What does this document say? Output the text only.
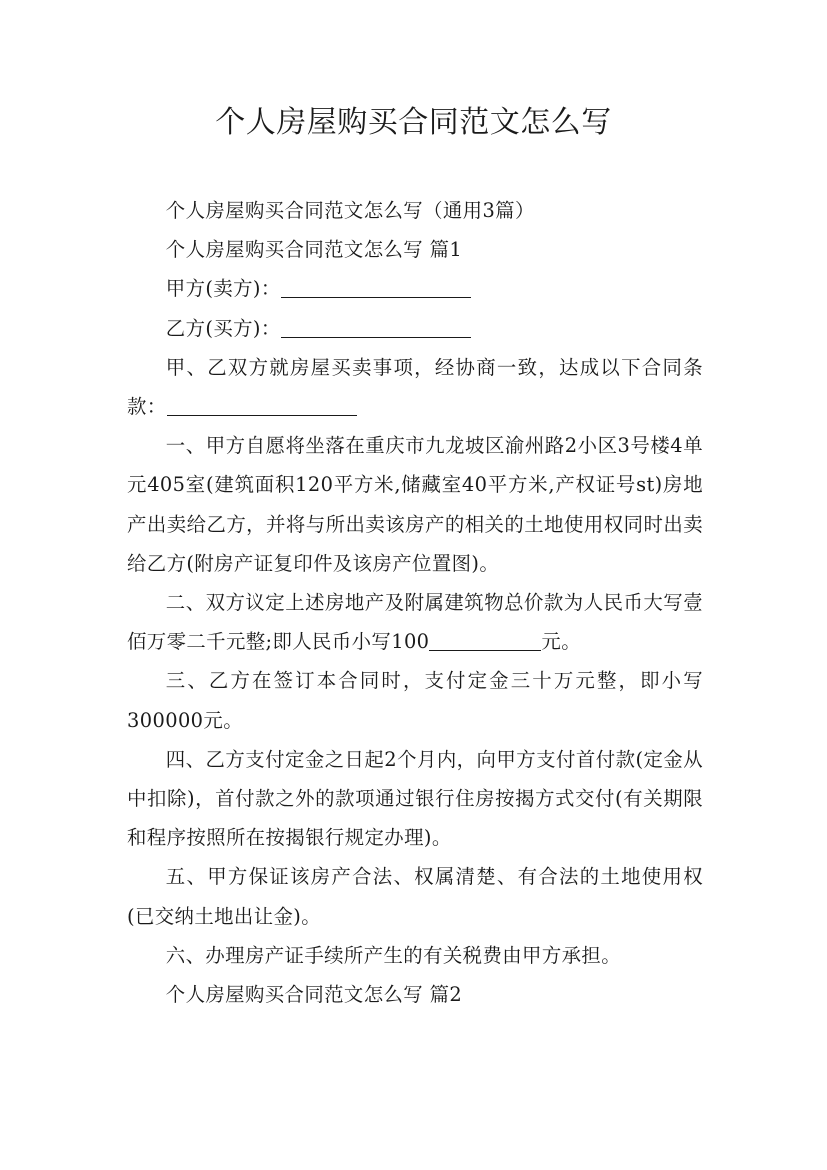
个人房屋购买合同范文怎么写

个人房屋购买合同范文怎么写（通用3篇）

个人房屋购买合同范文怎么写 篇1

甲方(卖方)：

乙方(买方)：

甲、乙双方就房屋买卖事项，经协商一致，达成以下合同条款：

一、甲方自愿将坐落在重庆市九龙坡区渝州路2小区3号楼4单元405室(建筑面积120平方米,储藏室40平方米,产权证号st)房地产出卖给乙方，并将与所出卖该房产的相关的土地使用权同时出卖给乙方(附房产证复印件及该房产位置图)。

二、双方议定上述房地产及附属建筑物总价款为人民币大写壹佰万零二千元整;即人民币小写100	元。

三、乙方在签订本合同时，支付定金三十万元整，即小写300000元。

四、乙方支付定金之日起2个月内，向甲方支付首付款(定金从中扣除)，首付款之外的款项通过银行住房按揭方式交付(有关期限和程序按照所在按揭银行规定办理)。

五、甲方保证该房产合法、权属清楚、有合法的土地使用权(已交纳土地出让金)。

六、办理房产证手续所产生的有关税费由甲方承担。

个人房屋购买合同范文怎么写 篇2
